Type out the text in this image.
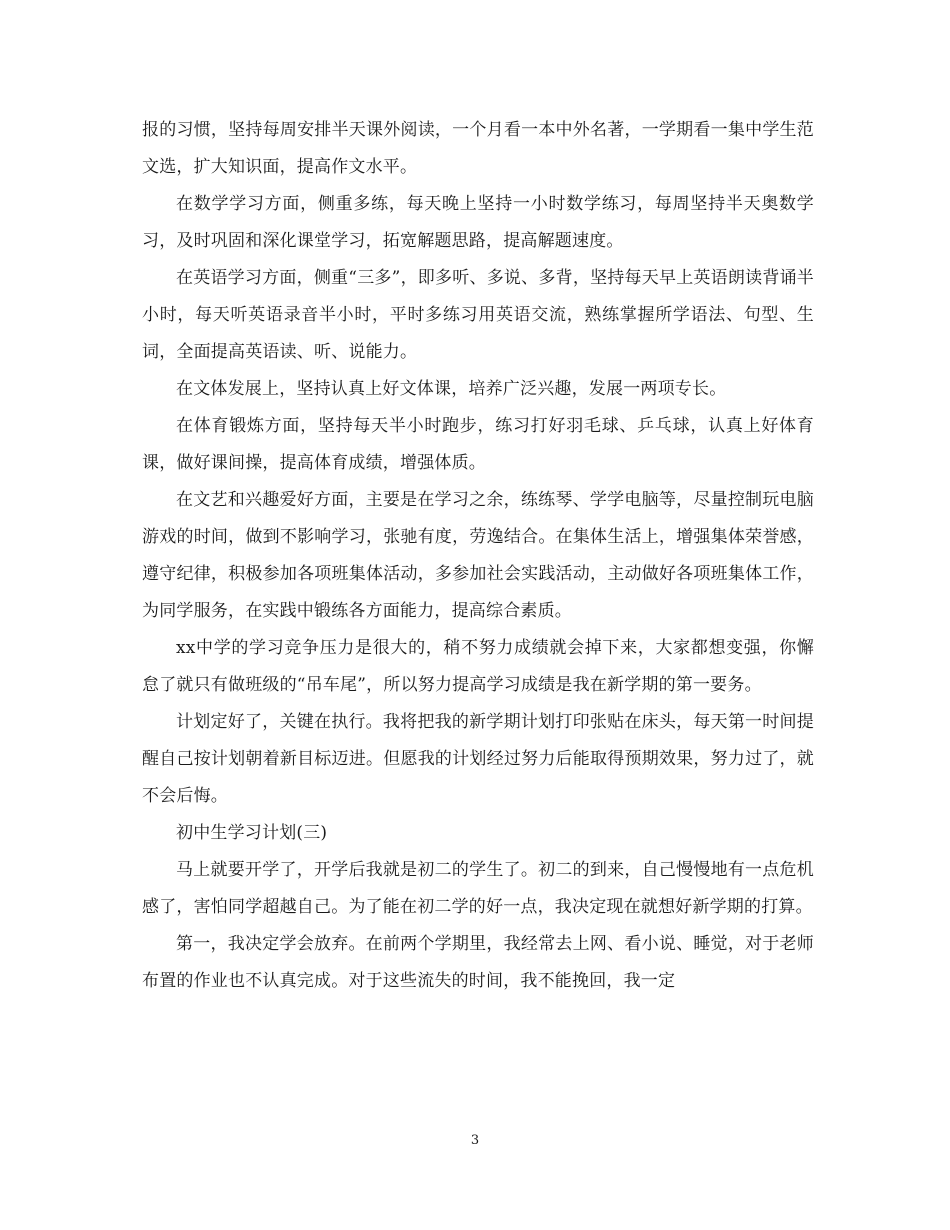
报的习惯，坚持每周安排半天课外阅读，一个月看一本中外名著，一学期看一集中学生范文选，扩大知识面，提高作文水平。

在数学学习方面，侧重多练，每天晚上坚持一小时数学练习，每周坚持半天奥数学习，及时巩固和深化课堂学习，拓宽解题思路，提高解题速度。

在英语学习方面，侧重“三多”，即多听、多说、多背，坚持每天早上英语朗读背诵半小时，每天听英语录音半小时，平时多练习用英语交流，熟练掌握所学语法、句型、生词，全面提高英语读、听、说能力。

在文体发展上，坚持认真上好文体课，培养广泛兴趣，发展一两项专长。

在体育锻炼方面，坚持每天半小时跑步，练习打好羽毛球、乒乓球，认真上好体育课，做好课间操，提高体育成绩，增强体质。

在文艺和兴趣爱好方面，主要是在学习之余，练练琴、学学电脑等，尽量控制玩电脑游戏的时间，做到不影响学习，张驰有度，劳逸结合。在集体生活上，增强集体荣誉感，遵守纪律，积极参加各项班集体活动，多参加社会实践活动，主动做好各项班集体工作，为同学服务，在实践中锻练各方面能力，提高综合素质。

xx中学的学习竞争压力是很大的，稍不努力成绩就会掉下来，大家都想变强，你懈怠了就只有做班级的“吊车尾”，所以努力提高学习成绩是我在新学期的第一要务。

计划定好了，关键在执行。我将把我的新学期计划打印张贴在床头，每天第一时间提醒自己按计划朝着新目标迈进。但愿我的计划经过努力后能取得预期效果，努力过了，就不会后悔。

初中生学习计划(三)

马上就要开学了，开学后我就是初二的学生了。初二的到来，自己慢慢地有一点危机感了，害怕同学超越自己。为了能在初二学的好一点，我决定现在就想好新学期的打算。

第一，我决定学会放弃。在前两个学期里，我经常去上网、看小说、睡觉，对于老师布置的作业也不认真完成。对于这些流失的时间，我不能挽回，我一定

3
